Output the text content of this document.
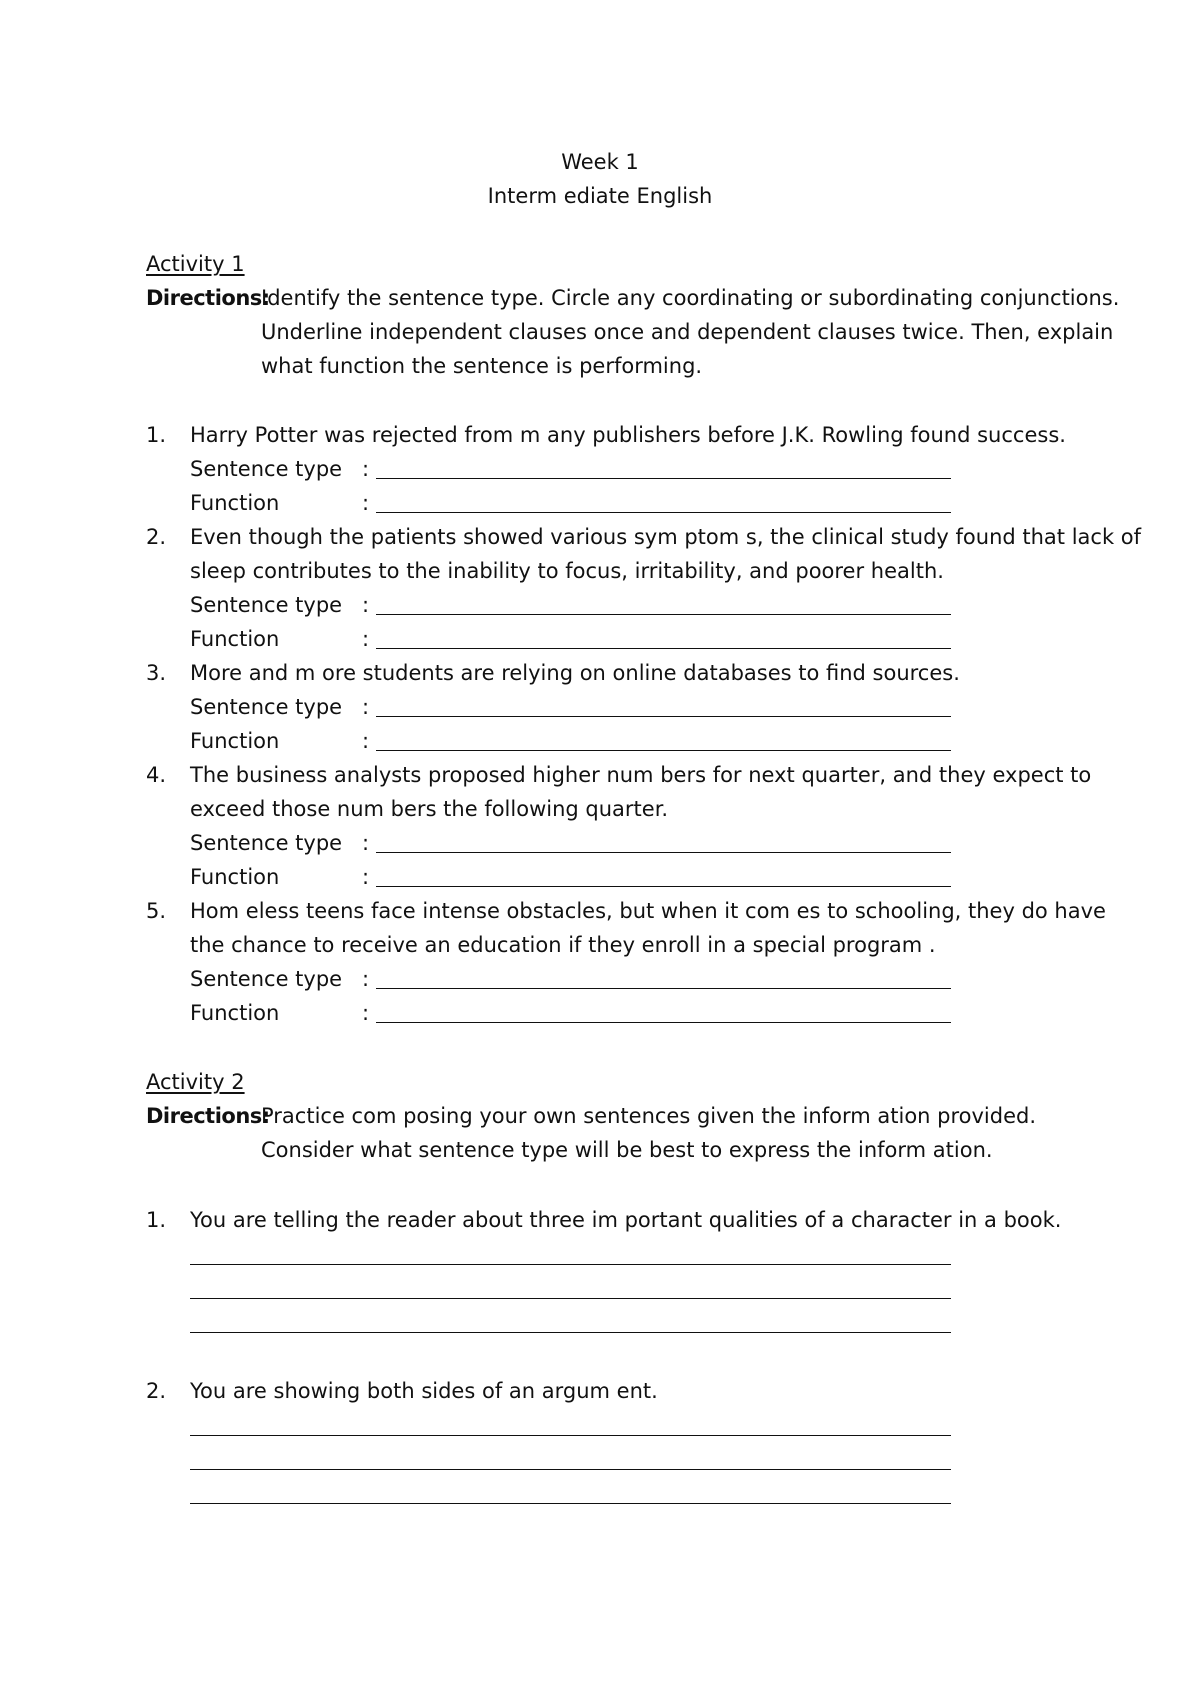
Week 1
Interm ediate English
Activity 1
Directions:
Identify the sentence type. Circle any coordinating or subordinating conjunctions.
Underline independent clauses once and dependent clauses twice. Then, explain
what function the sentence is performing.
1. Harry Potter was rejected from m any publishers before J.K. Rowling found success.
Sentence type :
Function	:
2. Even though the patients showed various sym ptom s, the clinical study found that lack of
sleep contributes to the inability to focus, irritability, and poorer health.
Sentence type :
Function	:
3. More and m ore students are relying on online databases to find sources.
Sentence type :
Function	:
4. The business analysts proposed higher num bers for next quarter, and they expect to
exceed those num bers the following quarter.
Sentence type :
Function	:
5. Hom eless teens face intense obstacles, but when it com es to schooling, they do have
the chance to receive an education if they enroll in a special program .
Sentence type :
Function	:
Activity 2
Directions:
Practice com posing your own sentences given the inform ation provided.
Consider what sentence type will be best to express the inform ation.
1. You are telling the reader about three im portant qualities of a character in a book.
2. You are showing both sides of an argum ent.
